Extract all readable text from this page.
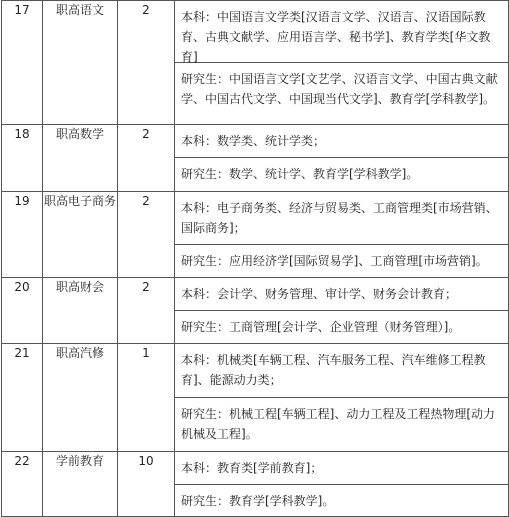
17	职高语文	2	本科：中国语言文学类[汉语言文学、汉语言、汉语国际教育、古典文献学、应用语言学、秘书学]、教育学类[华文教育]
研究生：中国语言文学[文艺学、汉语言文学、中国古典文献学、中国古代文学、中国现当代文学]、教育学[学科教学]。

18	职高数学	2	本科：数学类、统计学类；
研究生：数学、统计学、教育学[学科教学]。

19	职高电子商务	2	本科：电子商务类、经济与贸易类、工商管理类[市场营销、国际商务]；
研究生：应用经济学[国际贸易学]、工商管理[市场营销]。

20	职高财会	2	本科：会计学、财务管理、审计学、财务会计教育；
研究生：工商管理[会计学、企业管理（财务管理）]。

21	职高汽修	1	本科：机械类[车辆工程、汽车服务工程、汽车维修工程教育]、能源动力类；
研究生：机械工程[车辆工程]、动力工程及工程热物理[动力机械及工程]。

22	学前教育	10	本科：教育类[学前教育]；
研究生：教育学[学科教学]。
